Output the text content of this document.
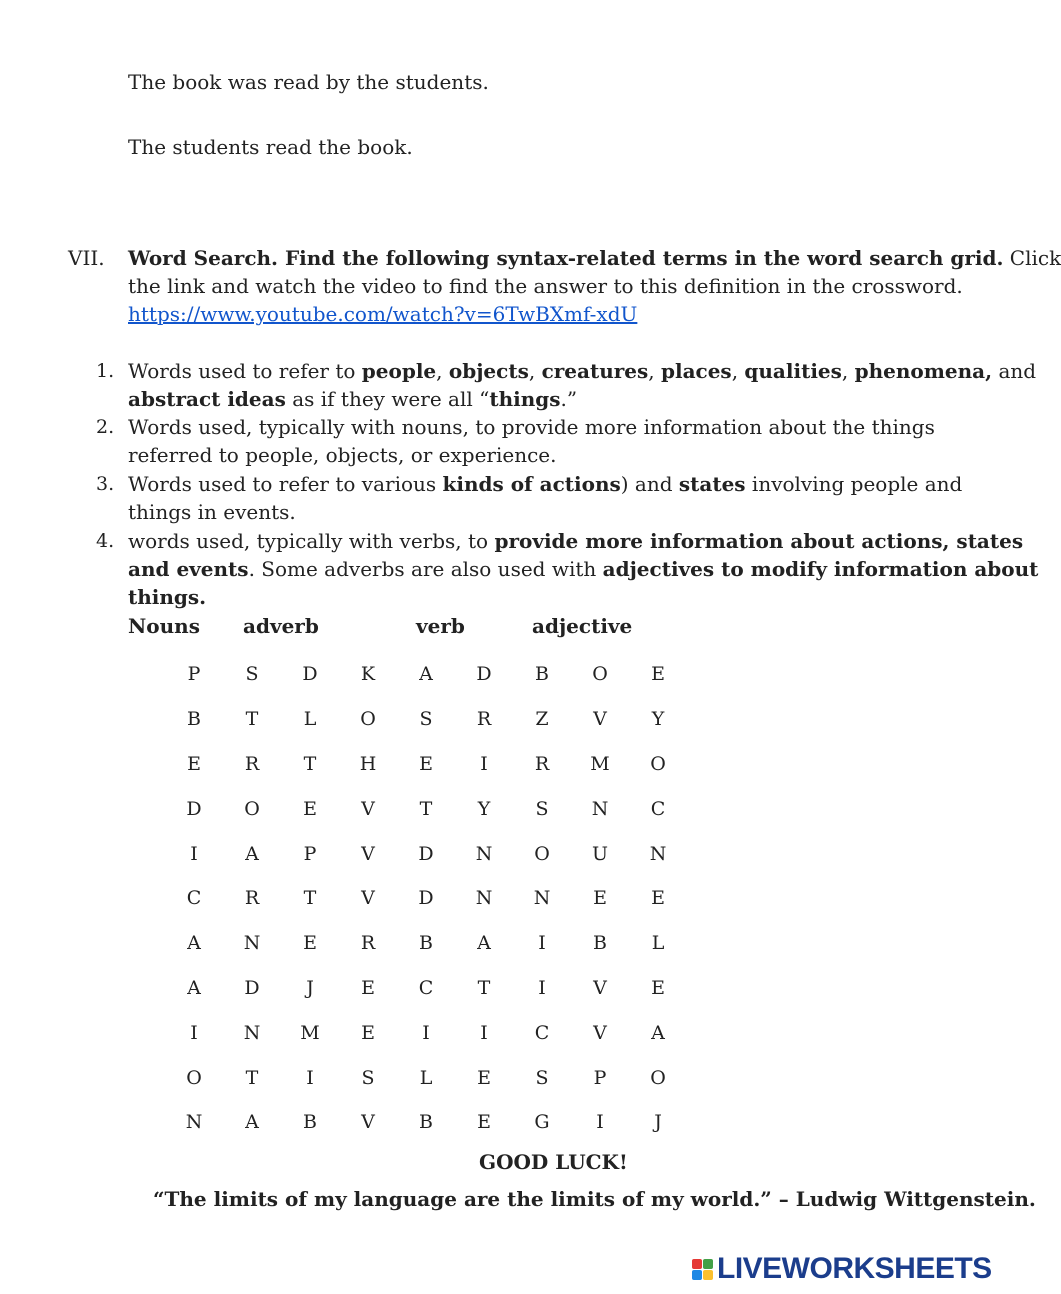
The book was read by the students.
The students read the book.
VII. Word Search. Find the following syntax-related terms in the word search grid. Click
the link and watch the video to find the answer to this definition in the crossword.
https://www.youtube.com/watch?v=6TwBXmf-xdU
1. Words used to refer to people, objects, creatures, places, qualities, phenomena, and
abstract ideas as if they were all “things.”
2. Words used, typically with nouns, to provide more information about the things
referred to people, objects, or experience.
3. Words used to refer to various kinds of actions) and states involving people and
things in events.
4. words used, typically with verbs, to provide more information about actions, states
and events. Some adverbs are also used with adjectives to modify information about
things.
Nouns adverb	verb	adjective
P	S	D	K	A	D	B	O	E
B	T	L	O	S	R	Z	V	Y
E	R	T	H	E	I	R	M	O
D	O	E	V	T	Y	S	N	C
I	A	P	V	D	N	O	U	N
C	R	T	V	D	N	N	E	E
A	N	E	R	B	A	I	B	L
A	D	J	E	C	T	I	V	E
I	N	M	E	I	I	C	V	A
O	T	I	S	L	E	S	P	O
N	A	B	V	B	E	G	I	J
GOOD LUCK!
“The limits of my language are the limits of my world.” – Ludwig Wittgenstein.
LIVEWORKSHEETS
